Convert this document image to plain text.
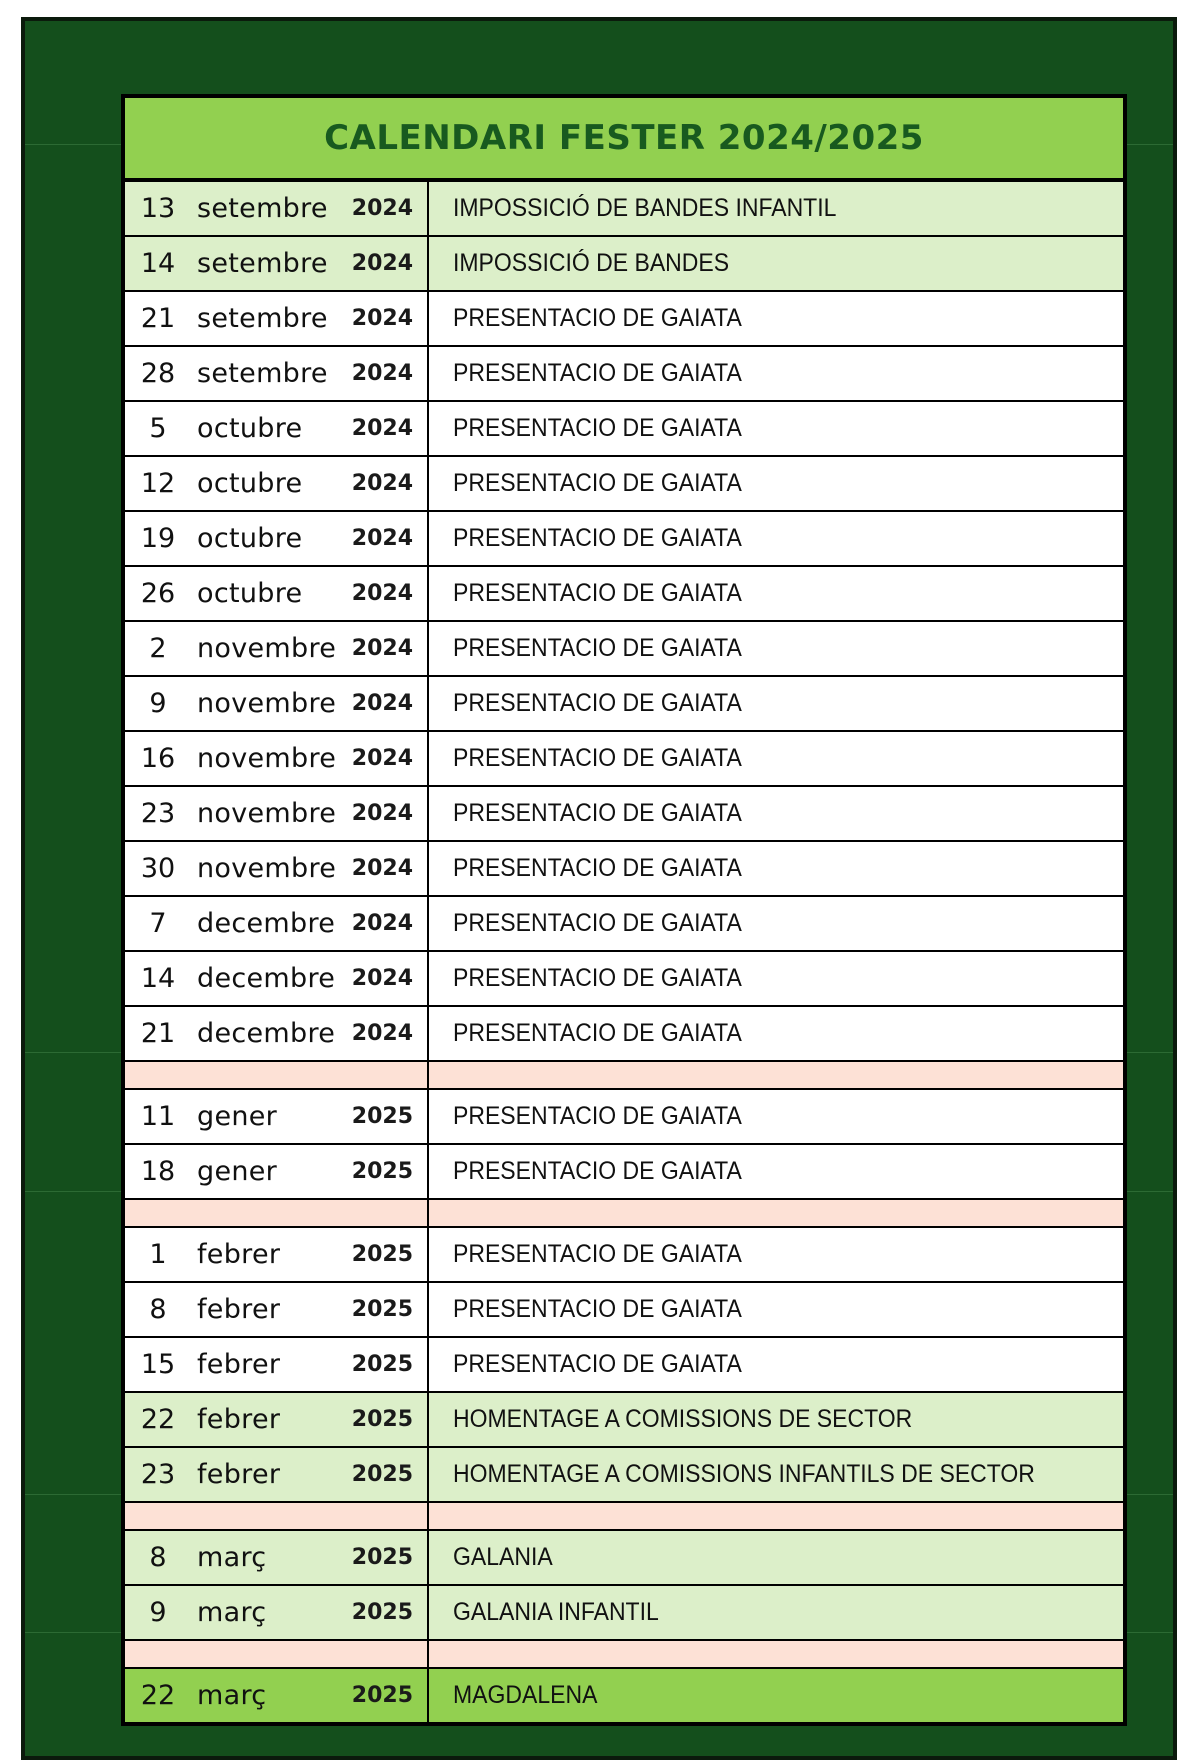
CALENDARI FESTER 2024/2025
13 setembre 2024 IMPOSSICIÓ DE BANDES INFANTIL
14 setembre 2024 IMPOSSICIÓ DE BANDES
21 setembre 2024 PRESENTACIO DE GAIATA
28 setembre 2024 PRESENTACIO DE GAIATA
5	octubre 2024 PRESENTACIO DE GAIATA
12 octubre 2024 PRESENTACIO DE GAIATA
19 octubre 2024 PRESENTACIO DE GAIATA
26 octubre 2024 PRESENTACIO DE GAIATA
2	novembre 2024 PRESENTACIO DE GAIATA
9	novembre 2024 PRESENTACIO DE GAIATA
16 novembre 2024 PRESENTACIO DE GAIATA
23 novembre 2024 PRESENTACIO DE GAIATA
30 novembre 2024 PRESENTACIO DE GAIATA
7	decembre 2024 PRESENTACIO DE GAIATA
14 decembre 2024 PRESENTACIO DE GAIATA
21 decembre 2024 PRESENTACIO DE GAIATA
11 gener	2025 PRESENTACIO DE GAIATA
18 gener	2025 PRESENTACIO DE GAIATA
1	febrer	2025 PRESENTACIO DE GAIATA
8	febrer	2025 PRESENTACIO DE GAIATA
15 febrer	2025 PRESENTACIO DE GAIATA
22 febrer	2025 HOMENTAGE A COMISSIONS DE SECTOR
23 febrer	2025 HOMENTAGE A COMISSIONS INFANTILS DE SECTOR
8	març	2025 GALANIA
9	març	2025 GALANIA INFANTIL
22 març	2025 MAGDALENA
